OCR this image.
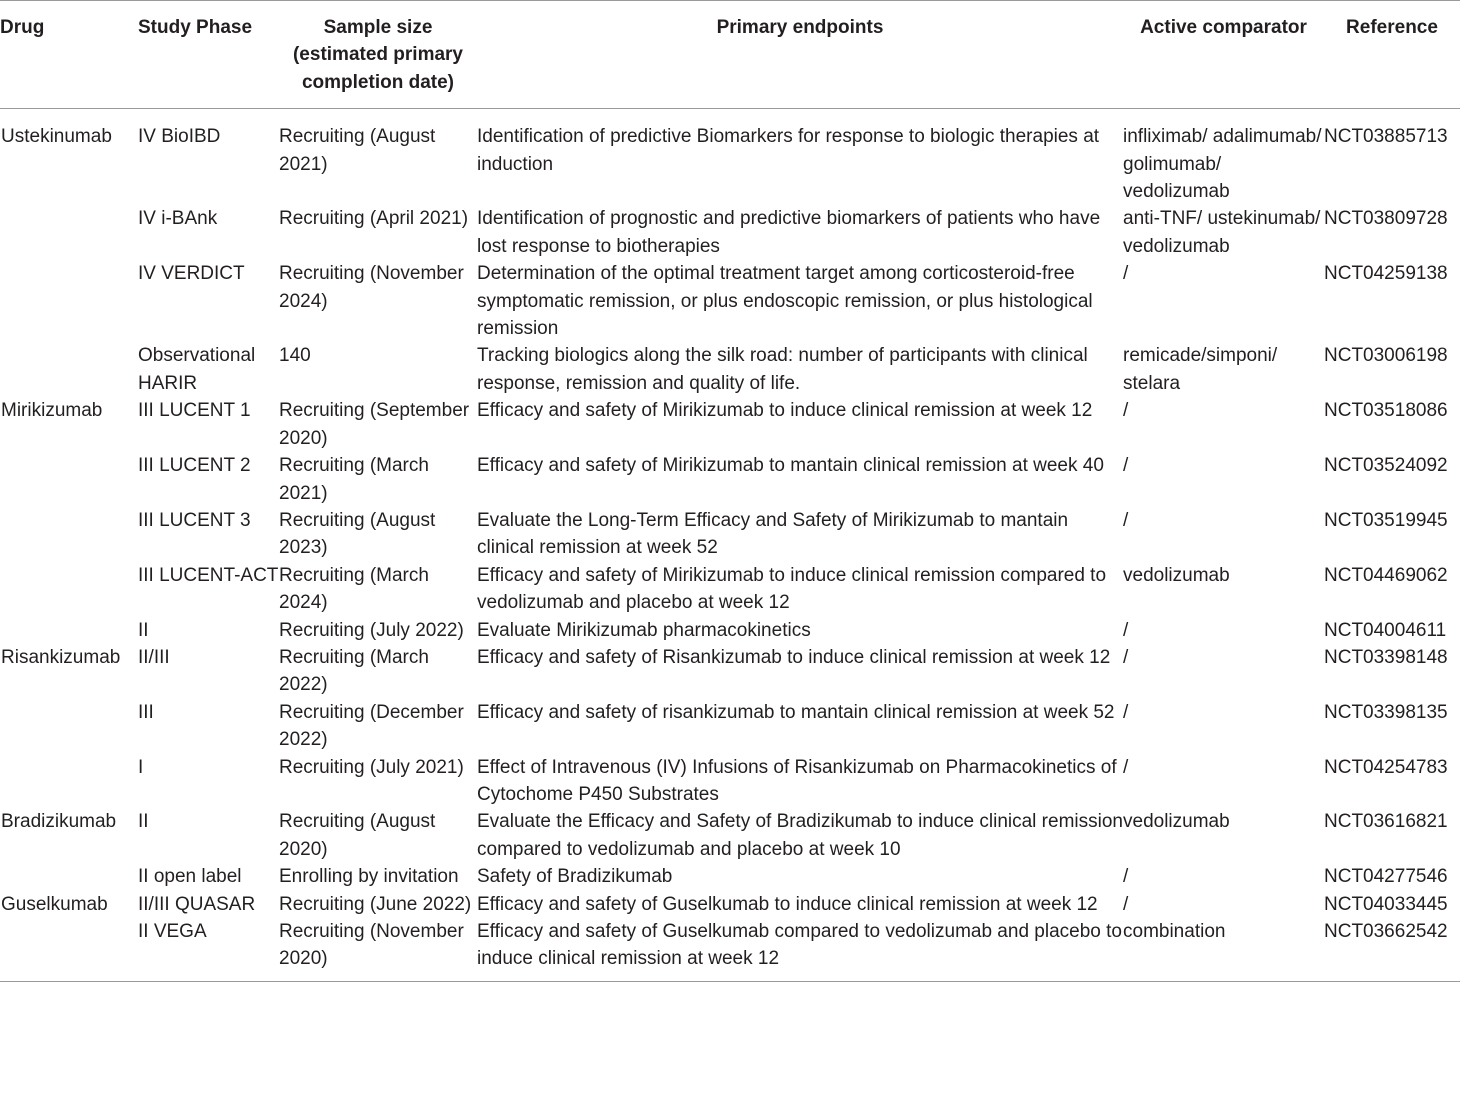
Drug	Study Phase	Sample size (estimated primary completion date)	Primary endpoints	Active comparator	Reference
Ustekinumab	IV BioIBD	Recruiting (August 2021)	Identification of predictive Biomarkers for response to biologic therapies at induction	infliximab/ adalimumab/ golimumab/ vedolizumab	NCT03885713
	IV i-BAnk	Recruiting (April 2021)	Identification of prognostic and predictive biomarkers of patients who have lost response to biotherapies	anti-TNF/ ustekinumab/ vedolizumab	NCT03809728
	IV VERDICT	Recruiting (November 2024)	Determination of the optimal treatment target among corticosteroid-free symptomatic remission, or plus endoscopic remission, or plus histological remission	/	NCT04259138
	Observational HARIR	140	Tracking biologics along the silk road: number of participants with clinical response, remission and quality of life.	remicade/simponi/ stelara	NCT03006198
Mirikizumab	III LUCENT 1	Recruiting (September 2020)	Efficacy and safety of Mirikizumab to induce clinical remission at week 12	/	NCT03518086
	III LUCENT 2	Recruiting (March 2021)	Efficacy and safety of Mirikizumab to mantain clinical remission at week 40	/	NCT03524092
	III LUCENT 3	Recruiting (August 2023)	Evaluate the Long-Term Efficacy and Safety of Mirikizumab to mantain clinical remission at week 52	/	NCT03519945
	III LUCENT-ACT	Recruiting (March 2024)	Efficacy and safety of Mirikizumab to induce clinical remission compared to vedolizumab and placebo at week 12	vedolizumab	NCT04469062
	II	Recruiting (July 2022)	Evaluate Mirikizumab pharmacokinetics	/	NCT04004611
Risankizumab	II/III	Recruiting (March 2022)	Efficacy and safety of Risankizumab to induce clinical remission at week 12	/	NCT03398148
	III	Recruiting (December 2022)	Efficacy and safety of risankizumab to mantain clinical remission at week 52	/	NCT03398135
	I	Recruiting (July 2021)	Effect of Intravenous (IV) Infusions of Risankizumab on Pharmacokinetics of Cytochome P450 Substrates	/	NCT04254783
Bradizikumab	II	Recruiting (August 2020)	Evaluate the Efficacy and Safety of Bradizikumab to induce clinical remission compared to vedolizumab and placebo at week 10	vedolizumab	NCT03616821
	II open label	Enrolling by invitation	Safety of Bradizikumab	/	NCT04277546
Guselkumab	II/III QUASAR	Recruiting (June 2022)	Efficacy and safety of Guselkumab to induce clinical remission at week 12	/	NCT04033445
	II VEGA	Recruiting (November 2020)	Efficacy and safety of Guselkumab compared to vedolizumab and placebo to induce clinical remission at week 12	combination	NCT03662542
